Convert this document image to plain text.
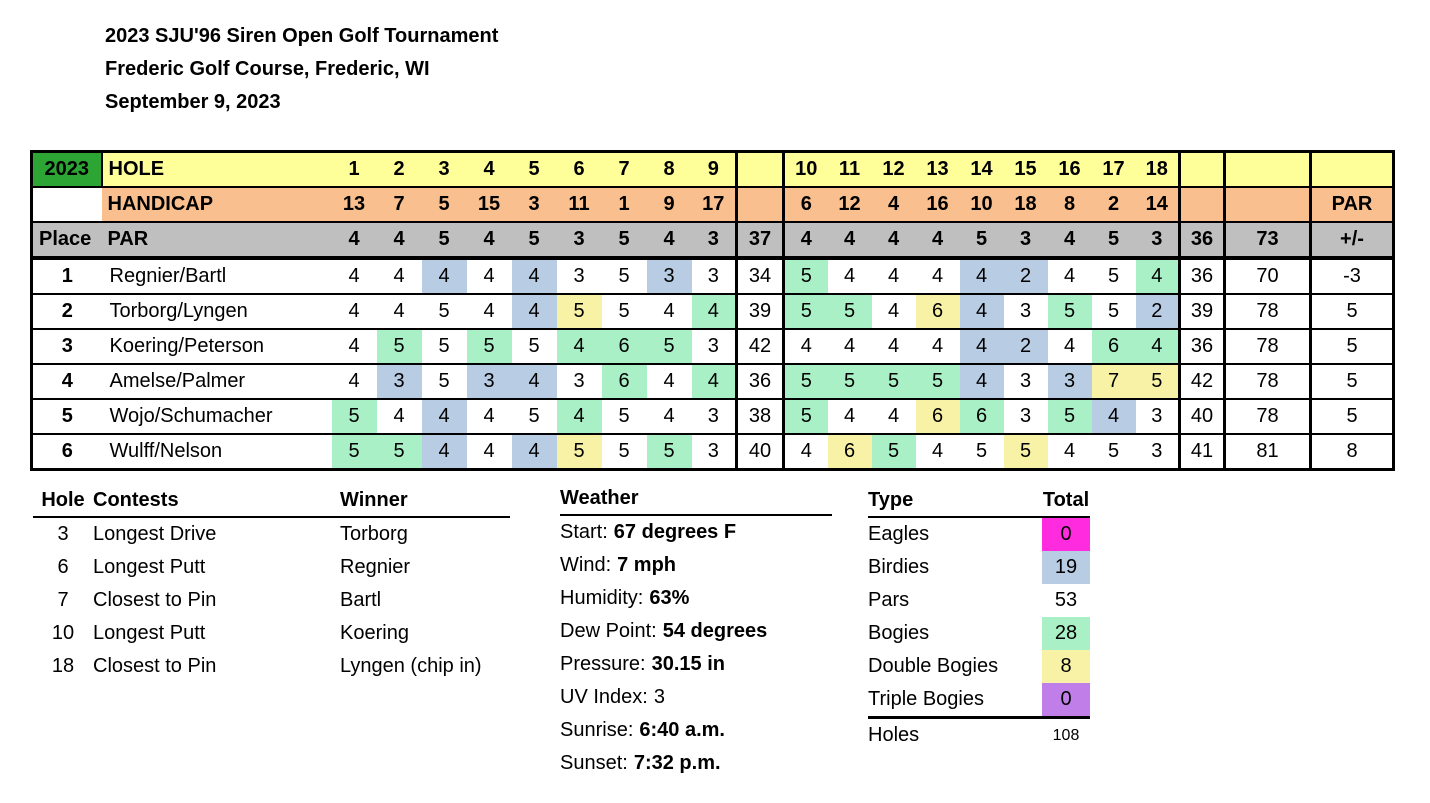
2023 SJU'96 Siren Open Golf Tournament
Frederic Golf Course, Frederic, WI
September 9, 2023
2023	HOLE	1	2	3	4	5	6	7	8	9		10	11	12	13	14	15	16	17	18			
	HANDICAP	13	7	5	15	3	11	1	9	17		6	12	4	16	10	18	8	2	14			PAR
Place	PAR	4	4	5	4	5	3	5	4	3	37	4	4	4	4	5	3	4	5	3	36	73	+/-
1	Regnier/Bartl	4	4	4	4	4	3	5	3	3	34	5	4	4	4	4	2	4	5	4	36	70	-3
2	Torborg/Lyngen	4	4	5	4	4	5	5	4	4	39	5	5	4	6	4	3	5	5	2	39	78	5
3	Koering/Peterson	4	5	5	5	5	4	6	5	3	42	4	4	4	4	4	2	4	6	4	36	78	5
4	Amelse/Palmer	4	3	5	3	4	3	6	4	4	36	5	5	5	5	4	3	3	7	5	42	78	5
5	Wojo/Schumacher	5	4	4	4	5	4	5	4	3	38	5	4	4	6	6	3	5	4	3	40	78	5
6	Wulff/Nelson	5	5	4	4	4	5	5	5	3	40	4	6	5	4	5	5	4	5	3	41	81	8
Hole	Contests	Winner
3	Longest Drive	Torborg
6	Longest Putt	Regnier
7	Closest to Pin	Bartl
10	Longest Putt	Koering
18	Closest to Pin	Lyngen (chip in)
Weather
Start: 67 degrees F
Wind: 7 mph
Humidity: 63%
Dew Point: 54 degrees
Pressure: 30.15 in
UV Index: 3
Sunrise: 6:40 a.m.
Sunset: 7:32 p.m.
Type	Total
Eagles	0
Birdies	19
Pars	53
Bogies	28
Double Bogies	8
Triple Bogies	0
Holes	108
